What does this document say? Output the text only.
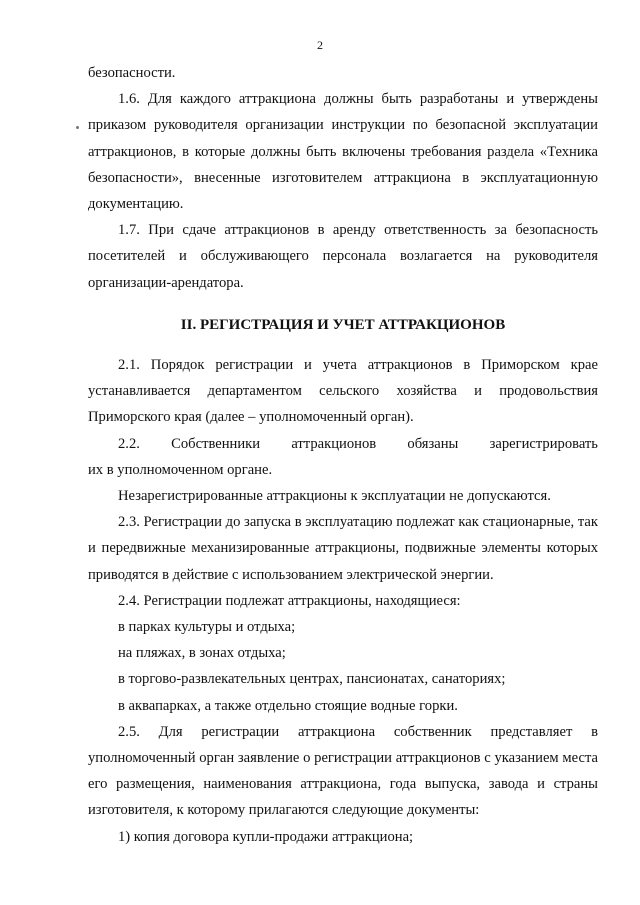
2

безопасности.

1.6. Для каждого аттракциона должны быть разработаны и утверждены приказом руководителя организации инструкции по безопасной эксплуатации аттракционов, в которые должны быть включены требования раздела «Техника безопасности», внесенные изготовителем аттракциона в эксплуатационную документацию.

1.7. При сдаче аттракционов в аренду ответственность за безопасность посетителей и обслуживающего персонала возлагается на руководителя организации-арендатора.

II. РЕГИСТРАЦИЯ И УЧЕТ АТТРАКЦИОНОВ

2.1. Порядок регистрации и учета аттракционов в Приморском крае устанавливается департаментом сельского хозяйства и продовольствия Приморского края (далее – уполномоченный орган).

2.2. Собственники аттракционов обязаны зарегистрировать

их в уполномоченном органе.

Незарегистрированные аттракционы к эксплуатации не допускаются.

2.3. Регистрации до запуска в эксплуатацию подлежат как стационарные, так и передвижные механизированные аттракционы, подвижные элементы которых приводятся в действие с использованием электрической энергии.

2.4. Регистрации подлежат аттракционы, находящиеся:

в парках культуры и отдыха;

на пляжах, в зонах отдыха;

в торгово-развлекательных центрах, пансионатах, санаториях;

в аквапарках, а также отдельно стоящие водные горки.

2.5. Для регистрации аттракциона собственник представляет в уполномоченный орган заявление о регистрации аттракционов с указанием места его размещения, наименования аттракциона, года выпуска, завода и страны изготовителя, к которому прилагаются следующие документы:

1) копия договора купли-продажи аттракциона;
